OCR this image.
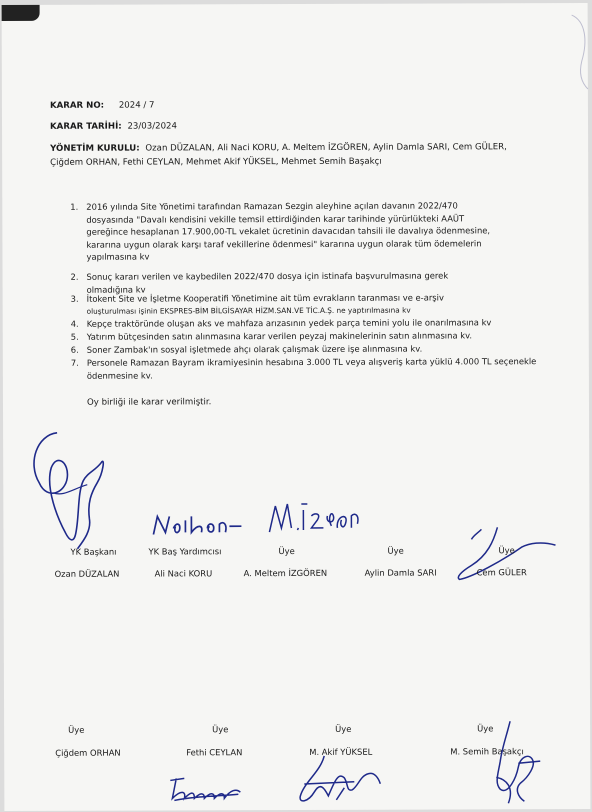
KARAR NO: 2024 / 7
KARAR TARİHİ: 23/03/2024
YÖNETİM KURULU: Ozan DÜZALAN, Ali Naci KORU, A. Meltem İZGÖREN, Aylin Damla SARI, Cem GÜLER,
Çiğdem ORHAN, Fethi CEYLAN, Mehmet Akif YÜKSEL, Mehmet Semih Başakçı
1. 2016 yılında Site Yönetimi tarafından Ramazan Sezgin aleyhine açılan davanın 2022/470
dosyasında "Davalı kendisini vekille temsil ettirdiğinden karar tarihinde yürürlükteki AAÜT
gereğince hesaplanan 17.900,00-TL vekalet ücretinin davacıdan tahsili ile davalıya ödenmesine,
kararına uygun olarak karşı taraf vekillerine ödenmesi" kararına uygun olarak tüm ödemelerin
yapılmasına kv
2. Sonuç kararı verilen ve kaybedilen 2022/470 dosya için istinafa başvurulmasına gerek
olmadığına kv
3. İtokent Site ve İşletme Kooperatifi Yönetimine ait tüm evrakların taranması ve e-arşiv
oluşturulması işinin EKSPRES-BİM BİLGİSAYAR HİZM.SAN.VE TİC.A.Ş. ne yaptırılmasına kv
4. Kepçe traktöründe oluşan aks ve mahfaza arızasının yedek parça temini yolu ile onarılmasına kv
5. Yatırım bütçesinden satın alınmasına karar verilen peyzaj makinelerinin satın alınmasına kv.
6. Soner Zambak'ın sosyal işletmede ahçı olarak çalışmak üzere işe alınmasına kv.
7. Personele Ramazan Bayram ikramiyesinin hesabına 3.000 TL veya alışveriş karta yüklü 4.000 TL seçenekle
ödenmesine kv.
Oy birliği ile karar verilmiştir.
YK Başkanı	YK Baş Yardımcısı	Üye	Üye	Üye
Ozan DÜZALAN	Ali Naci KORU	A. Meltem İZGÖREN	Aylin Damla SARI	Cem GÜLER
Üye	Üye	Üye	Üye
Çiğdem ORHAN	Fethi CEYLAN	M. Akif YÜKSEL	M. Semih Başakçı
